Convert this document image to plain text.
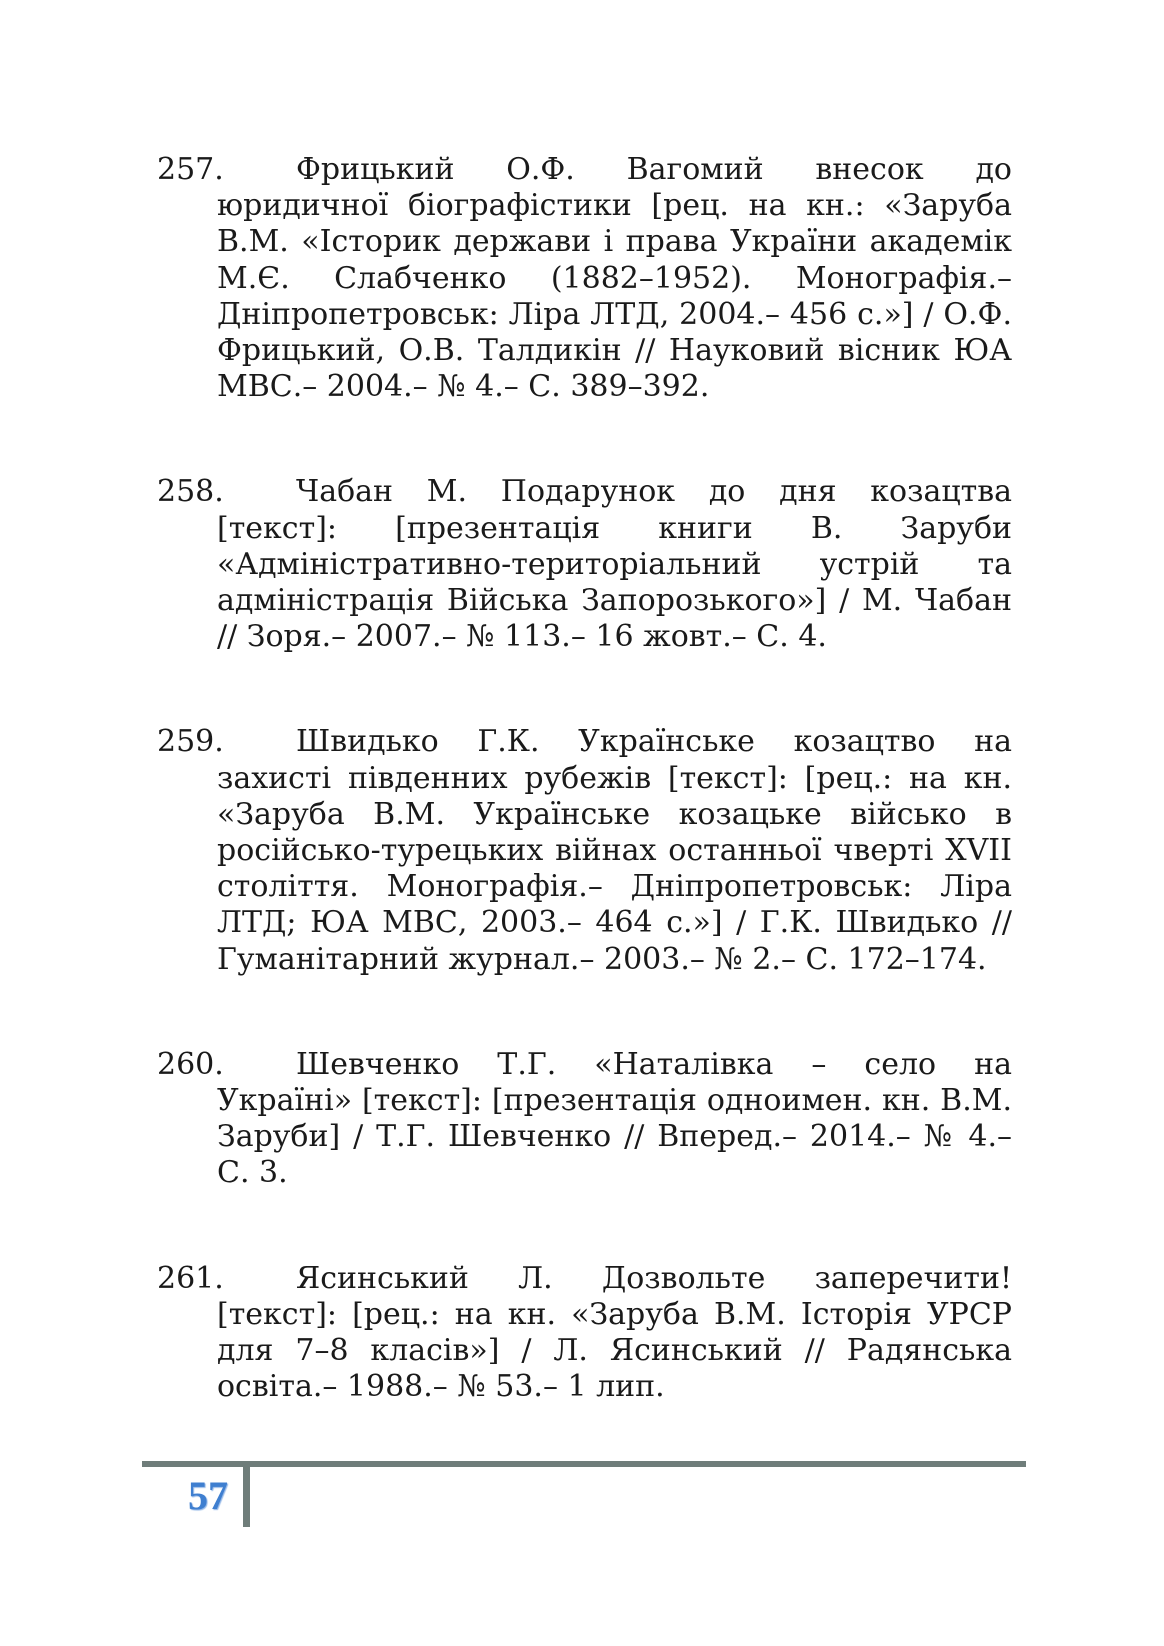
257.	Фрицький О.Ф. Вагомий внесок до юридичної біографістики [рец. на кн.: «Заруба В.М. «Історик держави і права України академік М.Є. Слабченко (1882–1952). Монографія.– Дніпропетровськ: Ліра ЛТД, 2004.– 456 с.»] / О.Ф. Фрицький, О.В. Талдикін // Науковий вісник ЮА МВС.– 2004.– № 4.– С. 389–392.
258.	Чабан М. Подарунок до дня козацтва [текст]: [презентація книги В. Заруби «Адміністративно-територіальний устрій та адміністрація Війська Запорозького»] / М. Чабан // Зоря.– 2007.– № 113.– 16 жовт.– С. 4.
259.	Швидько Г.К. Українське козацтво на захисті південних рубежів [текст]: [рец.: на кн. «Заруба В.М. Українське козацьке військо в російсько-турецьких війнах останньої чверті XVII століття. Монографія.– Дніпропетровськ: Ліра ЛТД; ЮА МВС, 2003.– 464 с.»] / Г.К. Швидько // Гуманітарний журнал.– 2003.– № 2.– С. 172–174.
260.	Шевченко Т.Г. «Наталівка – село на Україні» [текст]: [презентація одноимен. кн. В.М. Заруби] / Т.Г. Шевченко // Вперед.– 2014.– № 4.– С. 3.
261.	Ясинський Л. Дозвольте заперечити! [текст]: [рец.: на кн. «Заруба В.М. Історія УРСР для 7–8 класів»] / Л. Ясинський // Радянська освіта.– 1988.– № 53.– 1 лип.
57
